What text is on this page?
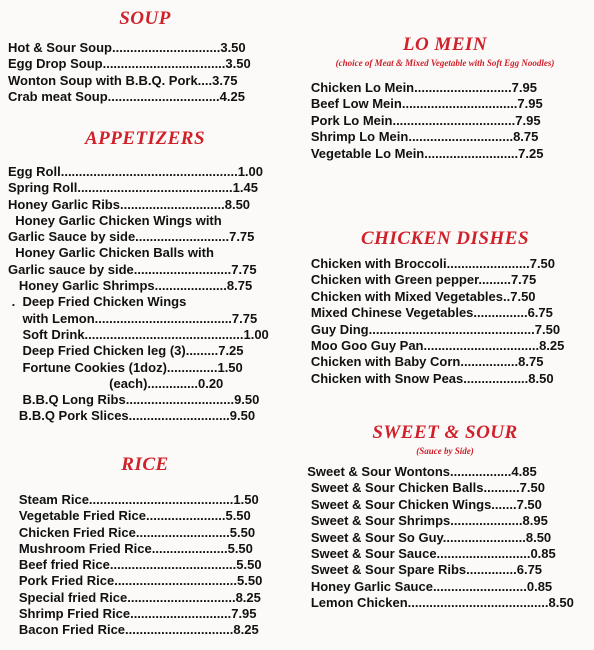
SOUP
Hot & Sour Soup..............................3.50
Egg Drop Soup..................................3.50
Wonton Soup with B.B.Q. Pork....3.75
Crab meat Soup...............................4.25
APPETIZERS
Egg Roll.................................................1.00
Spring Roll...........................................1.45
Honey Garlic Ribs.............................8.50
Honey Garlic Chicken Wings with
Garlic Sauce by side..........................7.75
Honey Garlic Chicken Balls with
Garlic sauce by side...........................7.75
Honey Garlic Shrimps....................8.75
.  Deep Fried Chicken Wings
with Lemon......................................7.75
Soft Drink............................................1.00
Deep Fried Chicken leg (3).........7.25
Fortune Cookies (1doz)..............1.50
(each)..............0.20
B.B.Q Long Ribs..............................9.50
B.B.Q Pork Slices............................9.50
RICE
Steam Rice........................................1.50
Vegetable Fried Rice......................5.50
Chicken Fried Rice..........................5.50
Mushroom Fried Rice.....................5.50
Beef fried Rice...................................5.50
Pork Fried Rice..................................5.50
Special fried Rice..............................8.25
Shrimp Fried Rice............................7.95
Bacon Fried Rice..............................8.25
LO MEIN

(choice of Meat & Mixed Vegetable with Soft Egg Noodles)

Chicken Lo Mein...........................7.95
Beef Low Mein................................7.95
Pork Lo Mein..................................7.95
Shrimp Lo Mein.............................8.75
Vegetable Lo Mein..........................7.25
CHICKEN DISHES
Chicken with Broccoli.......................7.50
Chicken with Green pepper.........7.75
Chicken with Mixed Vegetables..7.50
Mixed Chinese Vegetables...............6.75
Guy Ding..............................................7.50
Moo Goo Guy Pan................................8.25
Chicken with Baby Corn................8.75
Chicken with Snow Peas..................8.50
SWEET & SOUR

(Sauce by Side)

Sweet & Sour Wontons.................4.85
Sweet & Sour Chicken Balls..........7.50
Sweet & Sour Chicken Wings.......7.50
Sweet & Sour Shrimps....................8.95
Sweet & Sour So Guy.......................8.50
Sweet & Sour Sauce..........................0.85
Sweet & Sour Spare Ribs..............6.75
Honey Garlic Sauce..........................0.85
Lemon Chicken.......................................8.50
